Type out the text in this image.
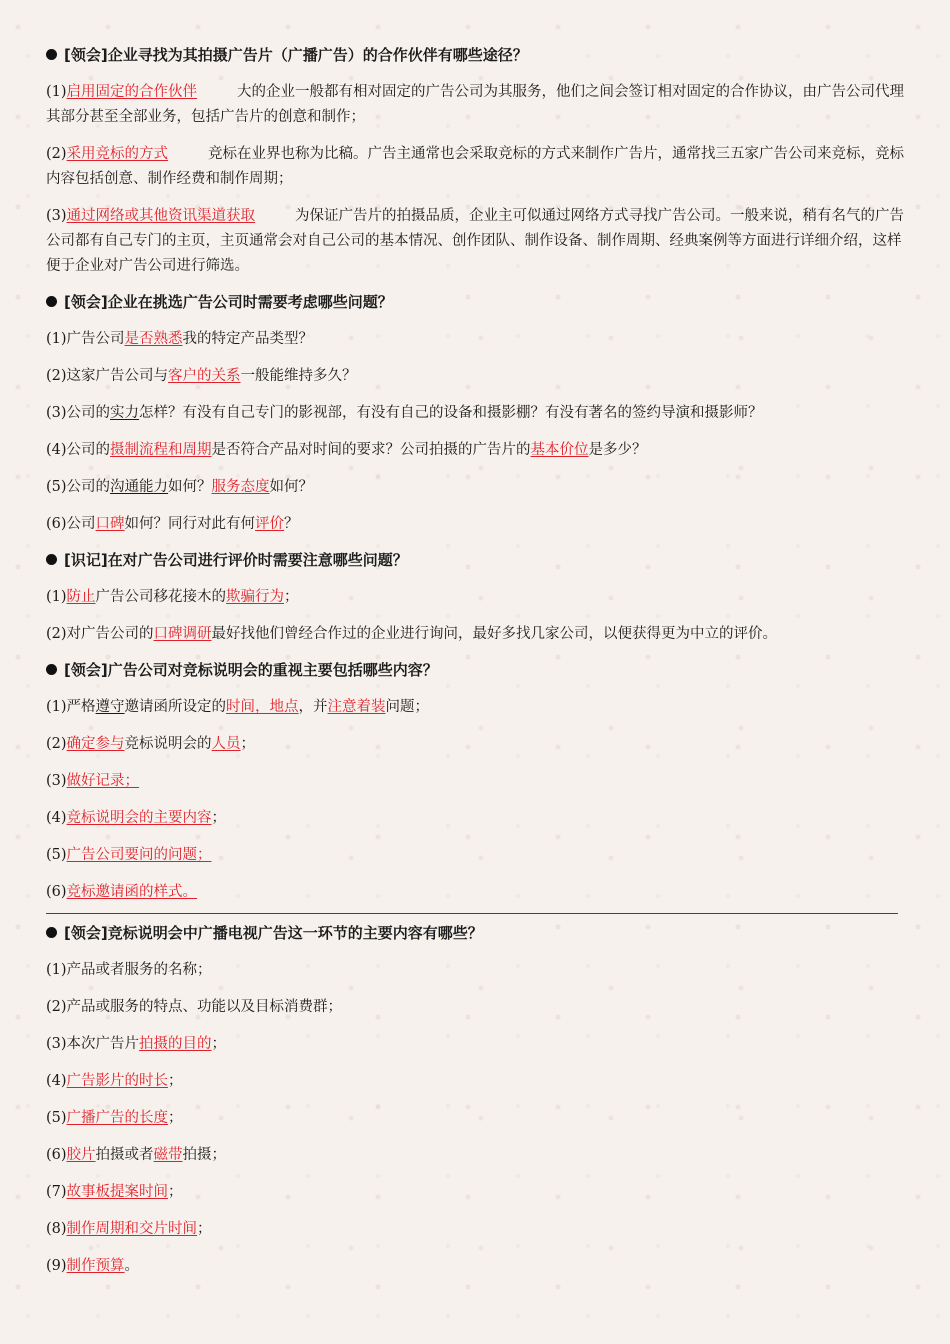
[领会]企业寻找为其拍摄广告片（广播广告）的合作伙伴有哪些途径？
(1)启用固定的合作伙伴	大的企业一般都有相对固定的广告公司为其服务，他们之间会签订相对固定的合作协议，由广告公司代理其部分甚至全部业务，包括广告片的创意和制作；
(2)采用竞标的方式	竞标在业界也称为比稿。广告主通常也会采取竞标的方式来制作广告片，通常找三五家广告公司来竞标，竞标内容包括创意、制作经费和制作周期；
(3)通过网络或其他资讯渠道获取	为保证广告片的拍摄品质，企业主可似通过网络方式寻找广告公司。一般来说，稍有名气的广告公司都有自己专门的主页，主页通常会对自己公司的基本情况、创作团队、制作设备、制作周期、经典案例等方面进行详细介绍，这样便于企业对广告公司进行筛选。
[领会]企业在挑选广告公司时需要考虑哪些问题？
(1)广告公司是否熟悉我的特定产品类型？
(2)这家广告公司与客户的关系一般能维持多久？
(3)公司的实力怎样？有没有自己专门的影视部，有没有自己的设备和摄影棚？有没有著名的签约导演和摄影师？
(4)公司的摄制流程和周期是否符合产品对时间的要求？公司拍摄的广告片的基本价位是多少？
(5)公司的沟通能力如何？服务态度如何？
(6)公司口碑如何？同行对此有何评价？
[识记]在对广告公司进行评价时需要注意哪些问题？
(1)防止广告公司移花接木的欺骗行为；
(2)对广告公司的口碑调研最好找他们曾经合作过的企业进行询问，最好多找几家公司，以便获得更为中立的评价。
[领会]广告公司对竞标说明会的重视主要包括哪些内容？
(1)严格遵守邀请函所设定的时间，地点，并注意着装问题；
(2)确定参与竞标说明会的人员；
(3)做好记录；
(4)竞标说明会的主要内容；
(5)广告公司要问的问题；
(6)竞标邀请函的样式。
[领会]竞标说明会中广播电视广告这一环节的主要内容有哪些？
(1)产品或者服务的名称；
(2)产品或服务的特点、功能以及目标消费群；
(3)本次广告片拍摄的目的；
(4)广告影片的时长；
(5)广播广告的长度；
(6)胶片拍摄或者磁带拍摄；
(7)故事板提案时间；
(8)制作周期和交片时间；
(9)制作预算。
